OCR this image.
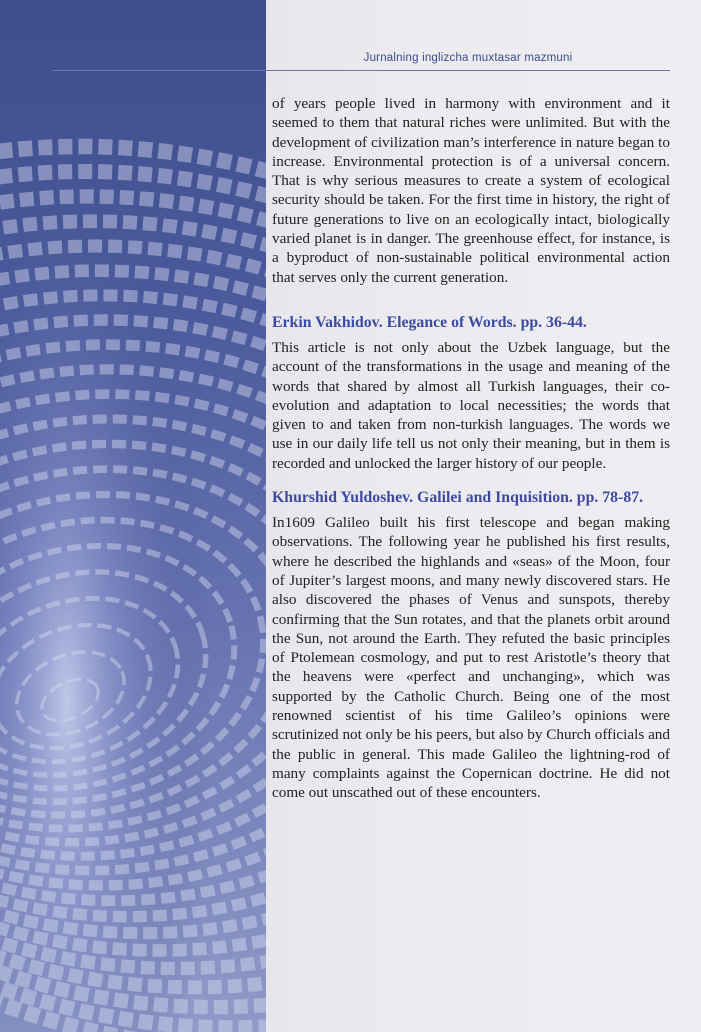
Jurnalning inglizcha muxtasar mazmuni

of years people lived in harmony with environment and it seemed to them that natural riches were unlimited. But with the development of civilization man’s interference in nature began to increase. Environmental protection is of a universal concern. That is why serious measures to create a system of ecological security should be taken. For the first time in history, the right of future generations to live on an ecologically intact, biologically varied planet is in danger. The greenhouse effect, for instance, is a byproduct of non-sustainable political environmental action that serves only the current generation.

Erkin Vakhidov. Elegance of Words. pp. 36-44.

This article is not only about the Uzbek language, but the account of the transformations in the usage and meaning of the words that shared by almost all Turkish languages, their co-evolution and adaptation to local necessities; the words that given to and taken from non-turkish languages. The words we use in our daily life tell us not only their meaning, but in them is recorded and unlocked the larger history of our people.

Khurshid Yuldoshev. Galilei and Inquisition. pp. 78-87.

In1609 Galileo built his first telescope and began making observations. The following year he published his first results, where he described the highlands and «seas» of the Moon, four of Jupiter’s largest moons, and many newly discovered stars. He also discovered the phases of Venus and sunspots, thereby confirming that the Sun rotates, and that the planets orbit around the Sun, not around the Earth. They refuted the basic principles of Ptolemean cosmology, and put to rest Aristotle’s theory that the heavens were «perfect and unchanging», which was supported by the Catholic Church. Being one of the most renowned scientist of his time Galileo’s opinions were scrutinized not only be his peers, but also by Church officials and the public in general. This made Galileo the lightning-rod of many complaints against the Copernican doctrine. He did not come out unscathed out of these encounters.
